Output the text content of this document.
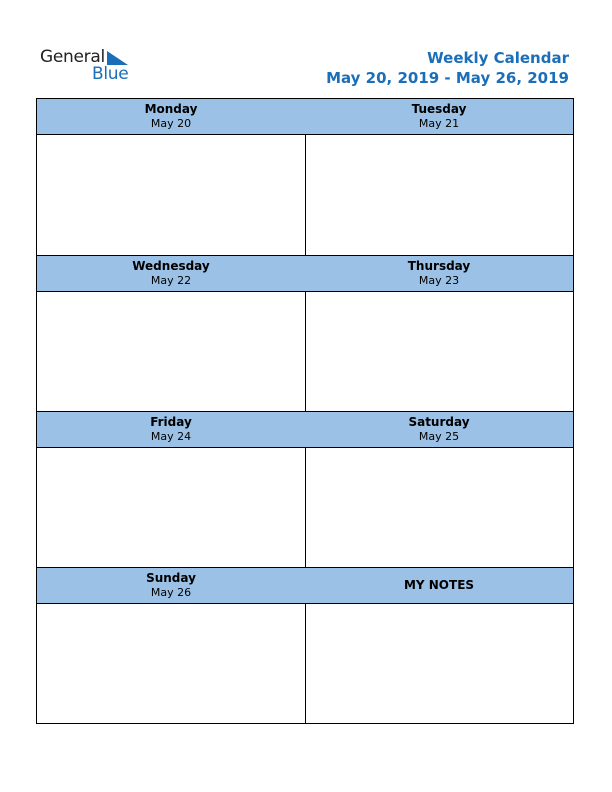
General
Blue
Weekly Calendar
May 20, 2019 - May 26, 2019
Monday
May 20
Tuesday
May 21
Wednesday
May 22
Thursday
May 23
Friday
May 24
Saturday
May 25
Sunday
May 26
MY NOTES
